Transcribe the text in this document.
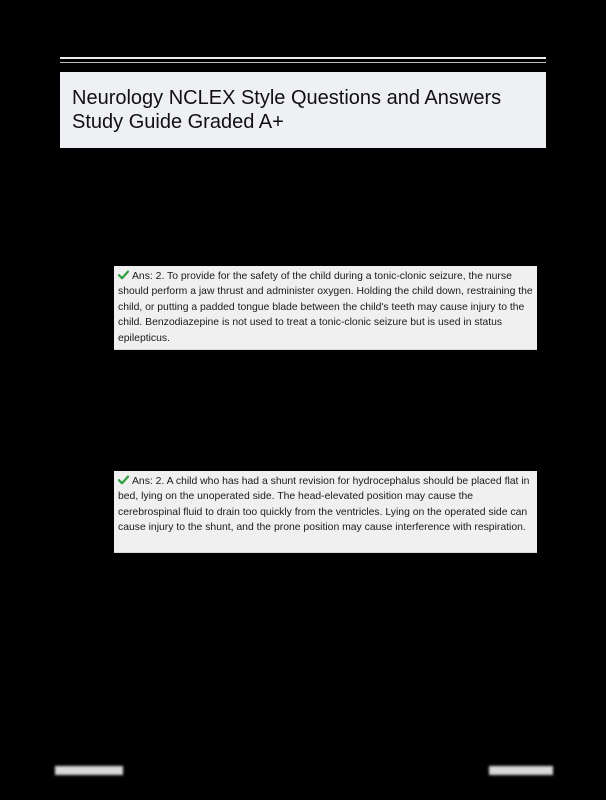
Neurology NCLEX Style Questions and Answers
Study Guide Graded A+

Ans: 2. To provide for the safety of the child during a tonic-clonic seizure, the nurse should perform a jaw thrust and administer oxygen. Holding the child down, restraining the child, or putting a padded tongue blade between the child's teeth may cause injury to the child. Benzodiazepine is not used to treat a tonic-clonic seizure but is used in status epilepticus.

Ans: 2. A child who has had a shunt revision for hydrocephalus should be placed flat in bed, lying on the unoperated side. The head-elevated position may cause the cerebrospinal fluid to drain too quickly from the ventricles. Lying on the operated side can cause injury to the shunt, and the prone position may cause interference with respiration.
